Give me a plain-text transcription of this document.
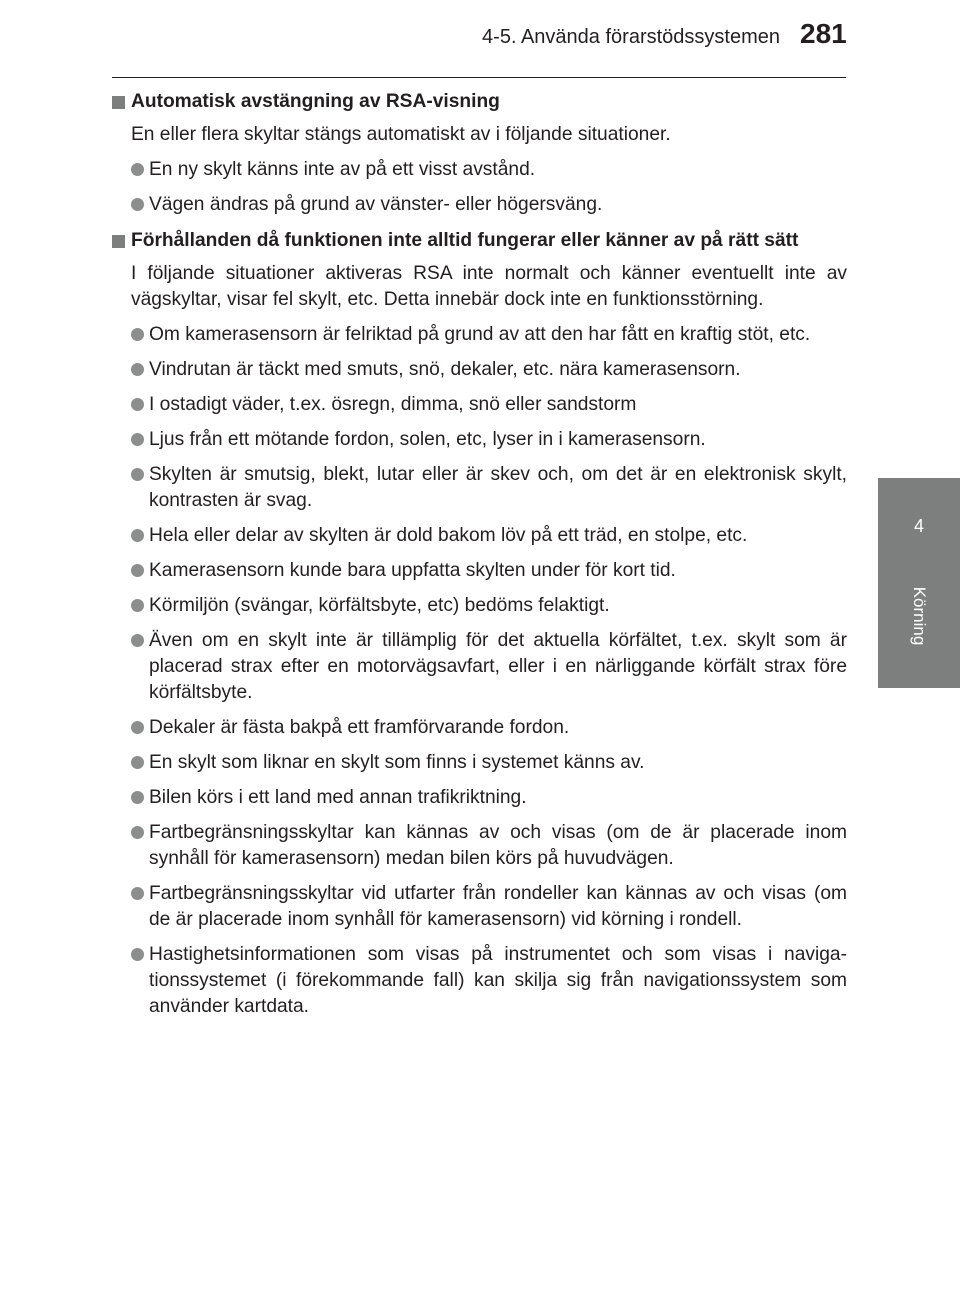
4-5. Använda förarstödssystemen 281
4
Körning
Automatisk avstängning av RSA-visning
En eller flera skyltar stängs automatiskt av i följande situationer.
En ny skylt känns inte av på ett visst avstånd.
Vägen ändras på grund av vänster- eller högersväng.
Förhållanden då funktionen inte alltid fungerar eller känner av på rätt sätt
I följande situationer aktiveras RSA inte normalt och känner eventuellt inte av vägskyltar, visar fel skylt, etc. Detta innebär dock inte en funktionsstörning.
Om kamerasensorn är felriktad på grund av att den har fått en kraftig stöt, etc.
Vindrutan är täckt med smuts, snö, dekaler, etc. nära kamerasensorn.
I ostadigt väder, t.ex. ösregn, dimma, snö eller sandstorm
Ljus från ett mötande fordon, solen, etc, lyser in i kamerasensorn.
Skylten är smutsig, blekt, lutar eller är skev och, om det är en elektronisk skylt, kontrasten är svag.
Hela eller delar av skylten är dold bakom löv på ett träd, en stolpe, etc.
Kamerasensorn kunde bara uppfatta skylten under för kort tid.
Körmiljön (svängar, körfältsbyte, etc) bedöms felaktigt.
Även om en skylt inte är tillämplig för det aktuella körfältet, t.ex. skylt som är placerad strax efter en motorvägsavfart, eller i en närliggande körfält strax före körfältsbyte.
Dekaler är fästa bakpå ett framförvarande fordon.
En skylt som liknar en skylt som finns i systemet känns av.
Bilen körs i ett land med annan trafikriktning.
Fartbegränsningsskyltar kan kännas av och visas (om de är placerade inom synhåll för kamerasensorn) medan bilen körs på huvudvägen.
Fartbegränsningsskyltar vid utfarter från rondeller kan kännas av och visas (om de är placerade inom synhåll för kamerasensorn) vid körning i rondell.
Hastighetsinformationen som visas på instrumentet och som visas i naviga- tionssystemet (i förekommande fall) kan skilja sig från navigationssystem som använder kartdata.
